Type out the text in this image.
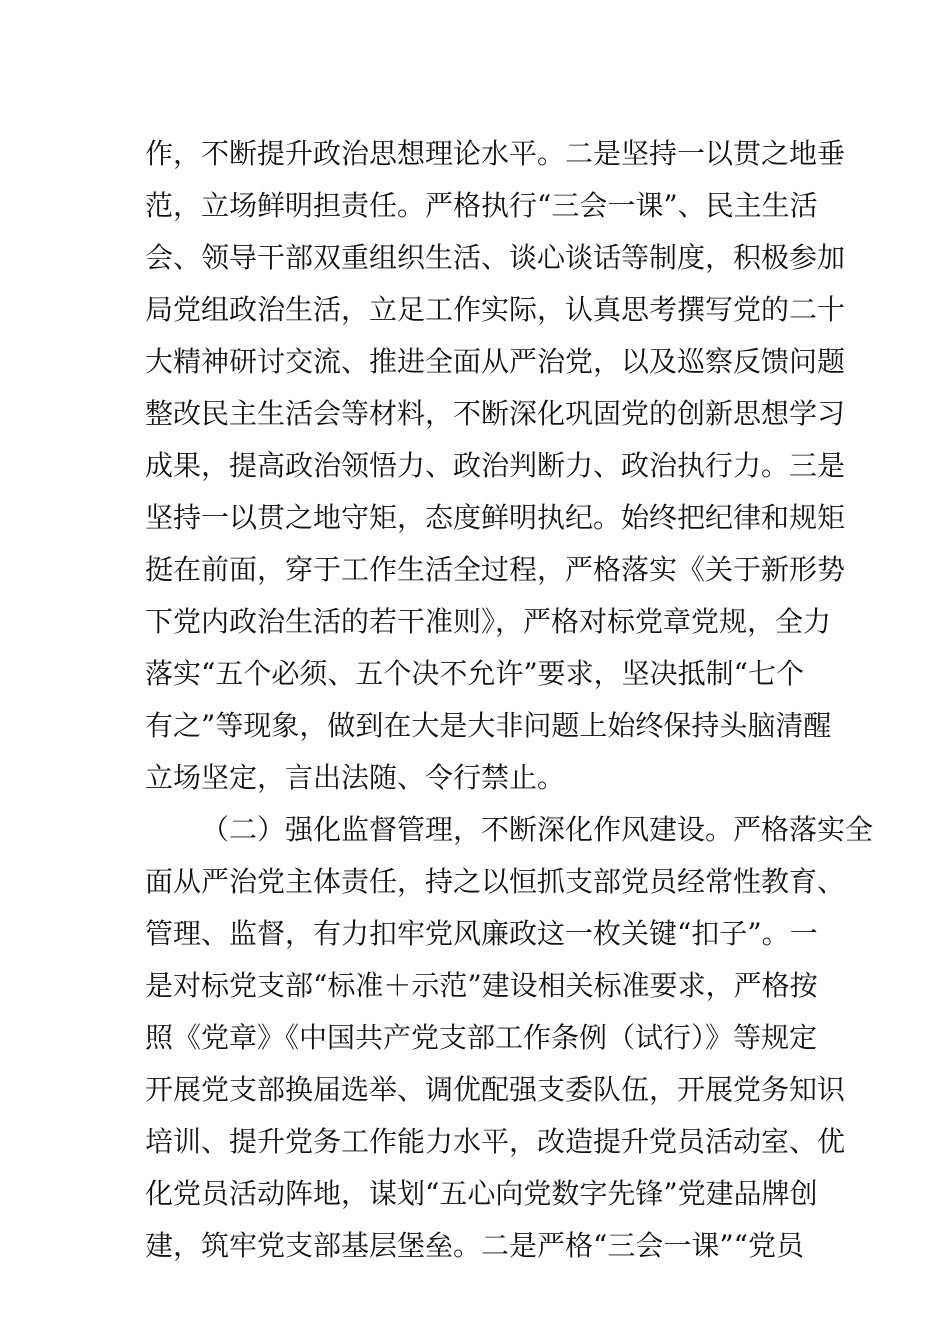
作，不断提升政治思想理论水平。二是坚持一以贯之地垂
范，立场鲜明担责任。严格执行“三会一课”、民主生活
会、领导干部双重组织生活、谈心谈话等制度，积极参加
局党组政治生活，立足工作实际，认真思考撰写党的二十
大精神研讨交流、推进全面从严治党，以及巡察反馈问题
整改民主生活会等材料，不断深化巩固党的创新思想学习
成果，提高政治领悟力、政治判断力、政治执行力。三是
坚持一以贯之地守矩，态度鲜明执纪。始终把纪律和规矩
挺在前面，穿于工作生活全过程，严格落实《关于新形势
下党内政治生活的若干准则》，严格对标党章党规，全力
落实“五个必须、五个决不允许”要求，坚决抵制“七个
有之”等现象，做到在大是大非问题上始终保持头脑清醒
立场坚定，言出法随、令行禁止。
（二）强化监督管理，不断深化作风建设。严格落实全
面从严治党主体责任，持之以恒抓支部党员经常性教育、
管理、监督，有力扣牢党风廉政这一枚关键“扣子”。一
是对标党支部“标准＋示范”建设相关标准要求，严格按
照《党章》《中国共产党支部工作条例（试行）》等规定
开展党支部换届选举、调优配强支委队伍，开展党务知识
培训、提升党务工作能力水平，改造提升党员活动室、优
化党员活动阵地，谋划“五心向党数字先锋”党建品牌创
建，筑牢党支部基层堡垒。二是严格“三会一课”“党员
